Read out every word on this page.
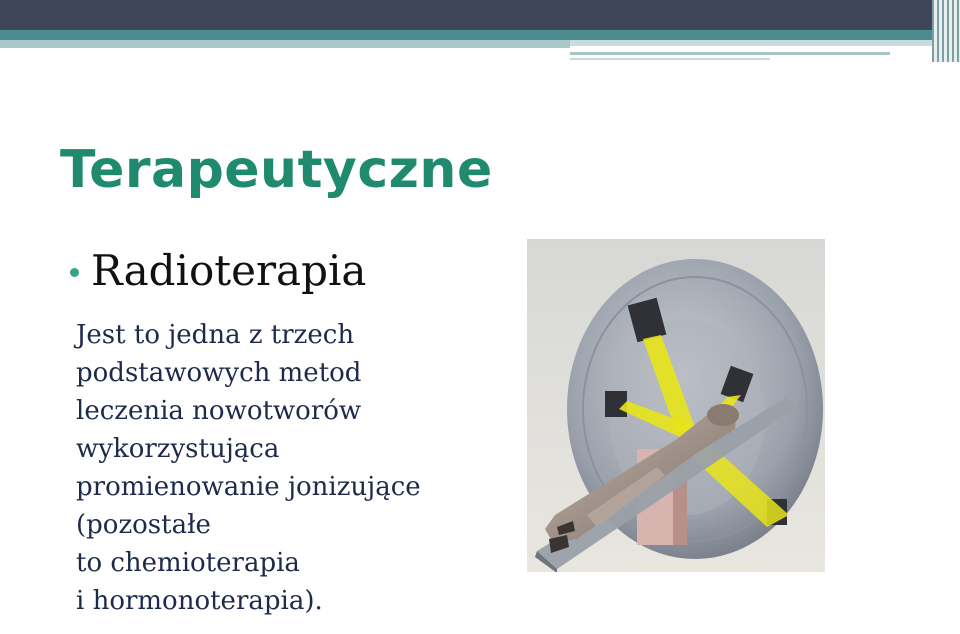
Terapeutyczne
Radioterapia

Jest to jedna z trzech
podstawowych metod
leczenia nowotworów
wykorzystująca
promienowanie jonizujące
(pozostałe
to chemioterapia
i hormonoterapia).
